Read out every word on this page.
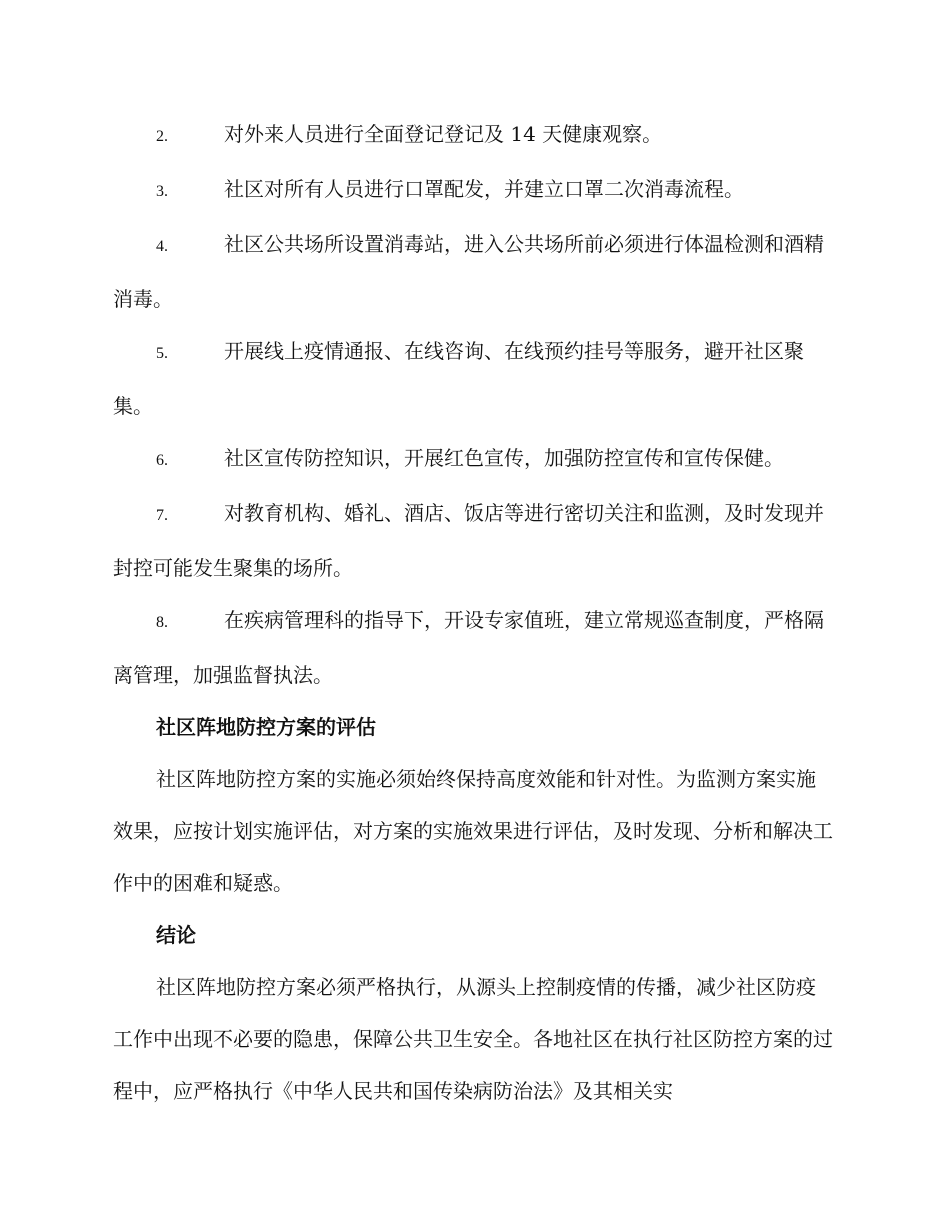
2.	对外来人员进行全面登记登记及 14 天健康观察。

3.	社区对所有人员进行口罩配发，并建立口罩二次消毒流程。

4.	社区公共场所设置消毒站，进入公共场所前必须进行体温检测和酒精消毒。

5.	开展线上疫情通报、在线咨询、在线预约挂号等服务，避开社区聚集。

6.	社区宣传防控知识，开展红色宣传，加强防控宣传和宣传保健。

7.	对教育机构、婚礼、酒店、饭店等进行密切关注和监测，及时发现并封控可能发生聚集的场所。

8.	在疾病管理科的指导下，开设专家值班，建立常规巡查制度，严格隔离管理，加强监督执法。

社区阵地防控方案的评估

社区阵地防控方案的实施必须始终保持高度效能和针对性。为监测方案实施效果，应按计划实施评估，对方案的实施效果进行评估，及时发现、分析和解决工作中的困难和疑惑。

结论

社区阵地防控方案必须严格执行，从源头上控制疫情的传播，减少社区防疫工作中出现不必要的隐患，保障公共卫生安全。各地社区在执行社区防控方案的过程中，应严格执行《中华人民共和国传染病防治法》及其相关实
